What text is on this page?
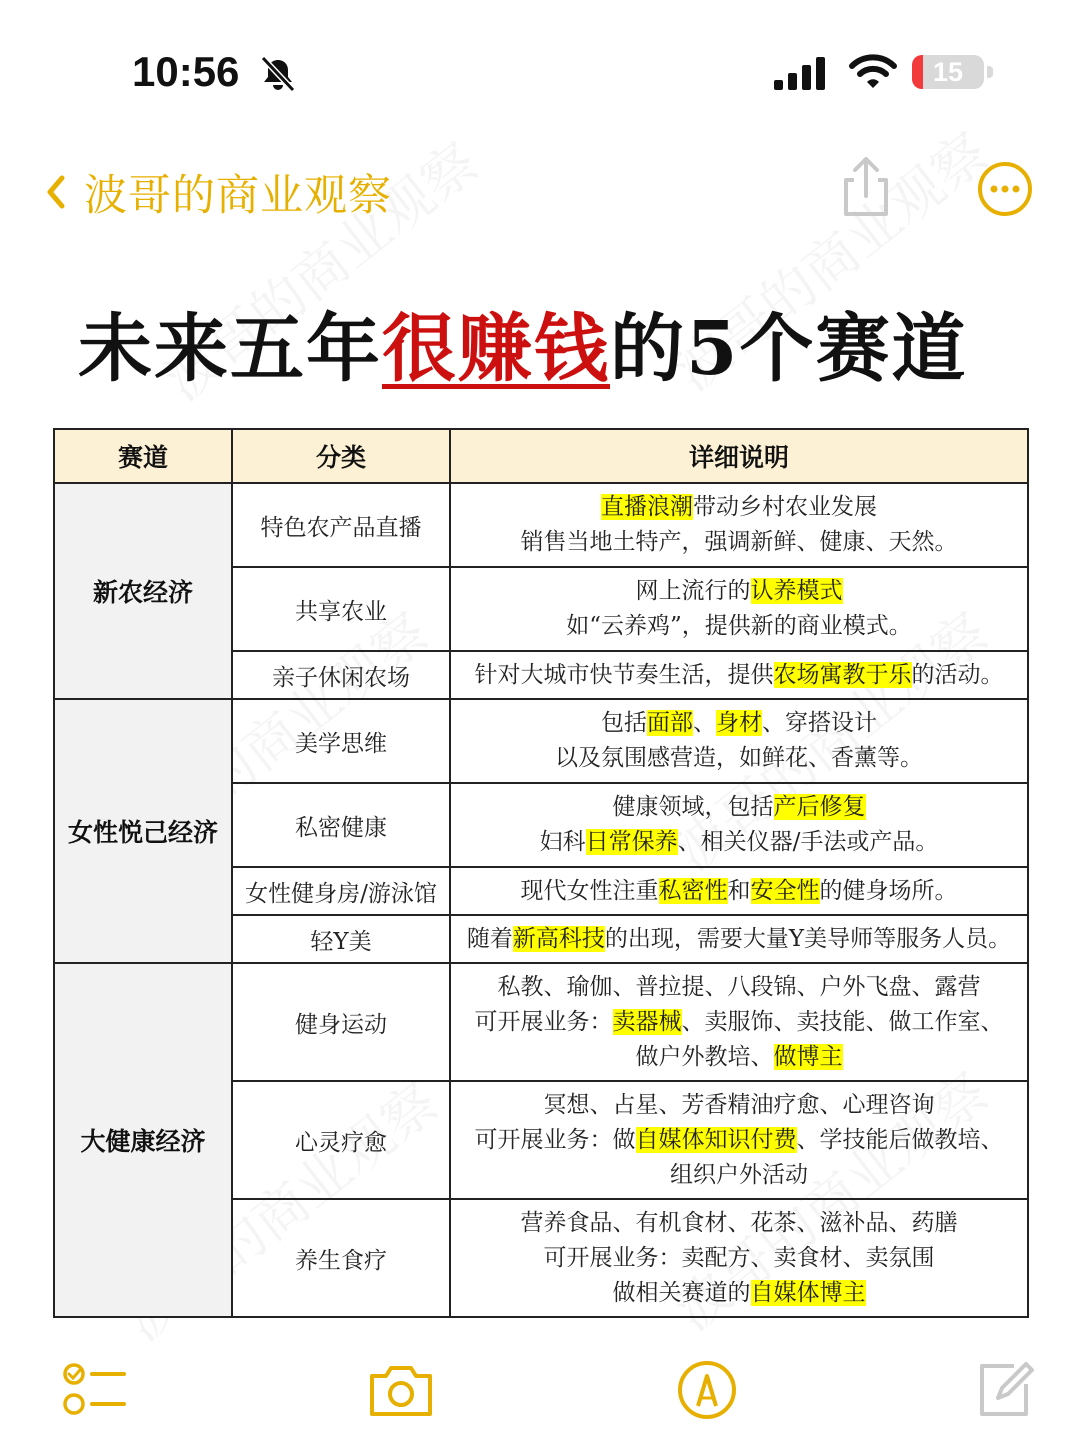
10:56	15
波哥的商业观察
未来五年很赚钱的5个赛道
赛道	分类	详细说明
新农经济	特色农产品直播	直播浪潮带动乡村农业发展
销售当地土特产，强调新鲜、健康、天然。

	共享农业	网上流行的认养模式
如“云养鸡”，提供新的商业模式。

	亲子休闲农场	针对大城市快节奏生活，提供农场寓教于乐的活动。

女性悦己经济	美学思维	包括面部、身材、穿搭设计
以及氛围感营造，如鲜花、香薰等。

	私密健康	健康领域，包括产后修复
妇科日常保养、相关仪器/手法或产品。

	女性健身房/游泳馆	现代女性注重私密性和安全性的健身场所。

	轻Y美	随着新高科技的出现，需要大量Y美导师等服务人员。

大健康经济	健身运动	私教、瑜伽、普拉提、八段锦、户外飞盘、露营
可开展业务：卖器械、卖服饰、卖技能、做工作室、
做户外教培、做博主

	心灵疗愈	冥想、占星、芳香精油疗愈、心理咨询
可开展业务：做自媒体知识付费、学技能后做教培、
组织户外活动

	养生食疗	营养食品、有机食材、花茶、滋补品、药膳
可开展业务：卖配方、卖食材、卖氛围
做相关赛道的自媒体博主
